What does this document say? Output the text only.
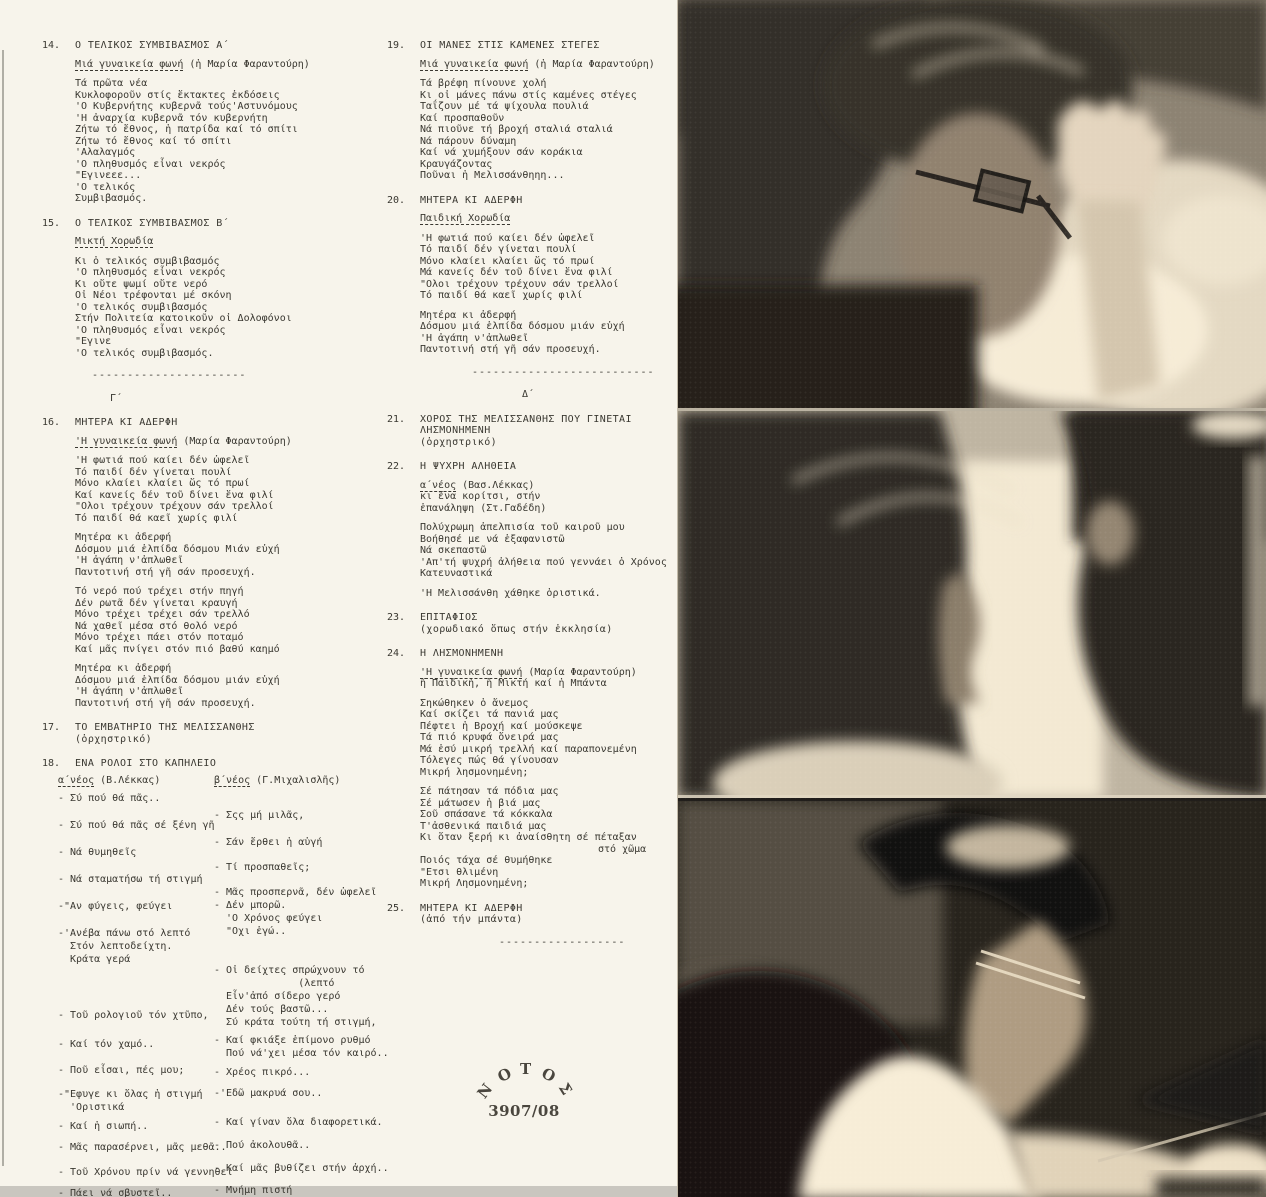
14. Ο ΤΕΛΙΚΟΣ ΣΥΜΒΙΒΑΣΜΟΣ Α΄
Μιά γυναικεία φωνή (ἡ Μαρία Φαραντούρη)
Τά πρῶτα νέα
Κυκλοφοροῦν στίς ἔκτακτες ἐκδόσεις
'Ο Κυβερνήτης κυβερνᾶ τούς'Αστυνόμους
'Η ἀναρχία κυβερνᾶ τόν κυβερνήτη
Ζήτω τό ἔθνος, ἡ πατρίδα καί τό σπίτι
Ζήτω τό ἔθνος καί τό σπίτι
'Αλαλαγμός
'Ο πληθυσμός εἶναι νεκρός
"Εγινεεε...
'Ο τελικός
Συμβιβασμός.
15. Ο ΤΕΛΙΚΟΣ ΣΥΜΒΙΒΑΣΜΟΣ Β΄
Μικτή Χορωδία
Κι ὁ τελικός συμβιβασμός
'Ο πληθυσμός εἶναι νεκρός
Κι οὔτε ψωμί οὔτε νερό
Οἱ Νέοι τρέφονται μέ σκόνη
'Ο τελικός συμβιβασμός
Στήν Πολιτεία κατοικοῦν οἱ Δολοφόνοι
'Ο πληθυσμός εἶναι νεκρός
"Εγινε
'Ο τελικός συμβιβασμός.
----------------------
Γ΄
16. ΜΗΤΕΡΑ ΚΙ ΑΔΕΡΦΗ
'Η γυναικεία φωνή (Μαρία Φαραντούρη)
'Η φωτιά πού καίει δέν ὠφελεῖ
Τό παιδί δέν γίνεται πουλί
Μόνο κλαίει κλαίει ὥς τό πρωί
Καί κανείς δέν τοῦ δίνει ἕνα φιλί
"Ολοι τρέχουν τρέχουν σάν τρελλοί
Τό παιδί θά καεῖ χωρίς φιλί
Μητέρα κι ἀδερφή
Δόσμου μιά ἐλπίδα δόσμου Μιάν εὐχή
'Η ἀγάπη ν'ἁπλωθεῖ
Παντοτινή στή γῆ σάν προσευχή.
Τό νερό πού τρέχει στήν πηγή
Δέν ρωτᾶ δέν γίνεται κραυγή
Μόνο τρέχει τρέχει σάν τρελλό
Νά χαθεῖ μέσα στό θολό νερό
Μόνο τρέχει πάει στόν ποταμό
Καί μᾶς πνίγει στόν πιό βαθύ καημό
Μητέρα κι ἀδερφή
Δόσμου μιά ἐλπίδα δόσμου μιάν εὐχή
'Η ἀγάπη ν'ἁπλωθεῖ
Παντοτινή στή γῆ σάν προσευχή.
17. ΤΟ ΕΜΒΑΤΗΡΙΟ ΤΗΣ ΜΕΛΙΣΣΑΝΘΗΣ
(ὀρχηστρικό)
18. ΕΝΑ ΡΟΛΟΙ ΣΤΟ ΚΑΠΗΛΕΙΟ
α΄νέος (Β.Λέκκας)
- Σύ πού θά πᾶς..
- Σύ πού θά πᾶς σέ ξένη γῆ
- Νά θυμηθεῖς
- Νά σταματήσω τή στιγμή
-"Αν φύγεις, φεύγει
-'Ανέβα πάνω στό λεπτό
Στόν λεπτοδείχτη.
Κράτα γερά
- Τοῦ ρολογιοῦ τόν χτῦπο,
- Καί τόν χαμό..
- Ποῦ εἶσαι, πές μου;
-"Εφυγε κι ὅλας ἡ στιγμή
'Οριστικά
- Καί ἡ σιωπή..
- Μᾶς παρασέρνει, μᾶς μεθᾶ..
- Τοῦ Χρόνου πρίν νά γεννηθεῖ
- Πάει νά σβυστεῖ..
β΄νέος (Γ.Μιχαλισλῆς)
- Σςς μή μιλᾶς,
- Σάν ἔρθει ἡ αὐγή
- Τί προσπαθεῖς;
- Μᾶς προσπερνᾶ, δέν ὠφελεῖ
- Δέν μπορῶ.
'Ο Χρόνος φεύγει
"Οχι ἐγώ..
- Οἱ δείχτες σπρώχνουν τό
(λεπτό
Εἶν'ἀπό σίδερο γερό
Δέν τούς βαστῶ...
Σύ κράτα τούτη τή στιγμή,
- Καί φκιάξε ἐπίμονο ρυθμό
Πού νά'χει μέσα τόν καιρό..
- Χρέος πικρό...
-'Εδῶ μακρυά σου..
- Καί γίναν ὅλα διαφορετικά.
- Πού ἀκολουθᾶ..
- Καί μᾶς βυθίζει στήν ἀρχή..
- Μνήμη πιστή
19. ΟΙ ΜΑΝΕΣ ΣΤΙΣ ΚΑΜΕΝΕΣ ΣΤΕΓΕΣ
Μιά γυναικεία φωνή (ἡ Μαρία Φαραντούρη)
Τά βρέφη πίνουνε χολή
Κι οἱ μάνες πάνω στίς καμένες στέγες
Ταΐζουν μέ τά ψίχουλα πουλιά
Καί προσπαθοῦν
Νά πιοῦνε τή βροχή σταλιά σταλιά
Νά πάρουν δύναμη
Καί νά χυμήξουν σάν κοράκια
Κραυγάζοντας
Ποῦναι ἡ Μελισσάνθηηη...
20. ΜΗΤΕΡΑ ΚΙ ΑΔΕΡΦΗ
Παιδική Χορωδία
'Η φωτιά πού καίει δέν ὠφελεῖ
Τό παιδί δέν γίνεται πουλί
Μόνο κλαίει κλαίει ὥς τό πρωί
Μά κανείς δέν τοῦ δίνει ἕνα φιλί
"Ολοι τρέχουν τρέχουν σάν τρελλοί
Τό παιδί θά καεῖ χωρίς φιλί
Μητέρα κι ἀδερφή
Δόσμου μιά ἐλπίδα δόσμου μιάν εὐχή
'Η ἀγάπη ν'ἁπλωθεῖ
Παντοτινή στή γῆ σάν προσευχή.
--------------------------
Δ΄
21. ΧΟΡΟΣ ΤΗΣ ΜΕΛΙΣΣΑΝΘΗΣ ΠΟΥ ΓΙΝΕΤΑΙ
ΛΗΣΜΟΝΗΜΕΝΗ
(ὀρχηστρικό)
22. Η ΨΥΧΡΗ ΑΛΗΘΕΙΑ
α΄νέος (Βασ.Λέκκας)
κι ἕνα κορίτσι, στήν
ἐπανάληψη (Στ.Γαδέδη)
Πολύχρωμη ἀπελπισία τοῦ καιροῦ μου
Βοήθησέ με νά ἐξαφανιστῶ
Νά σκεπαστῶ
'Απ'τή ψυχρή ἀλήθεια πού γεννάει ὁ Χρόνος
Κατευναστικά
'Η Μελισσάνθη χάθηκε ὁριστικά.
23. ΕΠΙΤΑΦΙΟΣ
(χορωδιακό ὅπως στήν ἐκκλησία)
24. Η ΛΗΣΜΟΝΗΜΕΝΗ
'Η γυναικεία φωνή (Μαρία Φαραντούρη)
ἤ Παιδική, ἤ Μικτή καί ἡ Μπάντα
Σηκώθηκεν ὁ ἄνεμος
Καί σκίζει τά πανιά μας
Πέφτει ἡ Βροχή καί μούσκεψε
Τά πιό κρυφά ὄνειρά μας
Μά ἐσύ μικρή τρελλή καί παραπονεμένη
Τόλεγες πώς θά γίνουσαν
Μικρή λησμονημένη;
Σέ πάτησαν τά πόδια μας
Σέ μάτωσεν ἡ βιά μας
Σοῦ σπάσανε τά κόκκαλα
Τ'ἀσθενικά παιδιά μας
Κι ὅταν ξερή κι ἀναίσθητη σέ πέταξαν
στό χῶμα
Ποιός τάχα σέ θυμήθηκε
"Ετσι θλιμένη
Μικρή Λησμονημένη;
25. ΜΗΤΕΡΑ ΚΙ ΑΔΕΡΦΗ
(ἀπό τήν μπάντα)
------------------
Ν
Ο Τ Ο
Σ
3907/08
